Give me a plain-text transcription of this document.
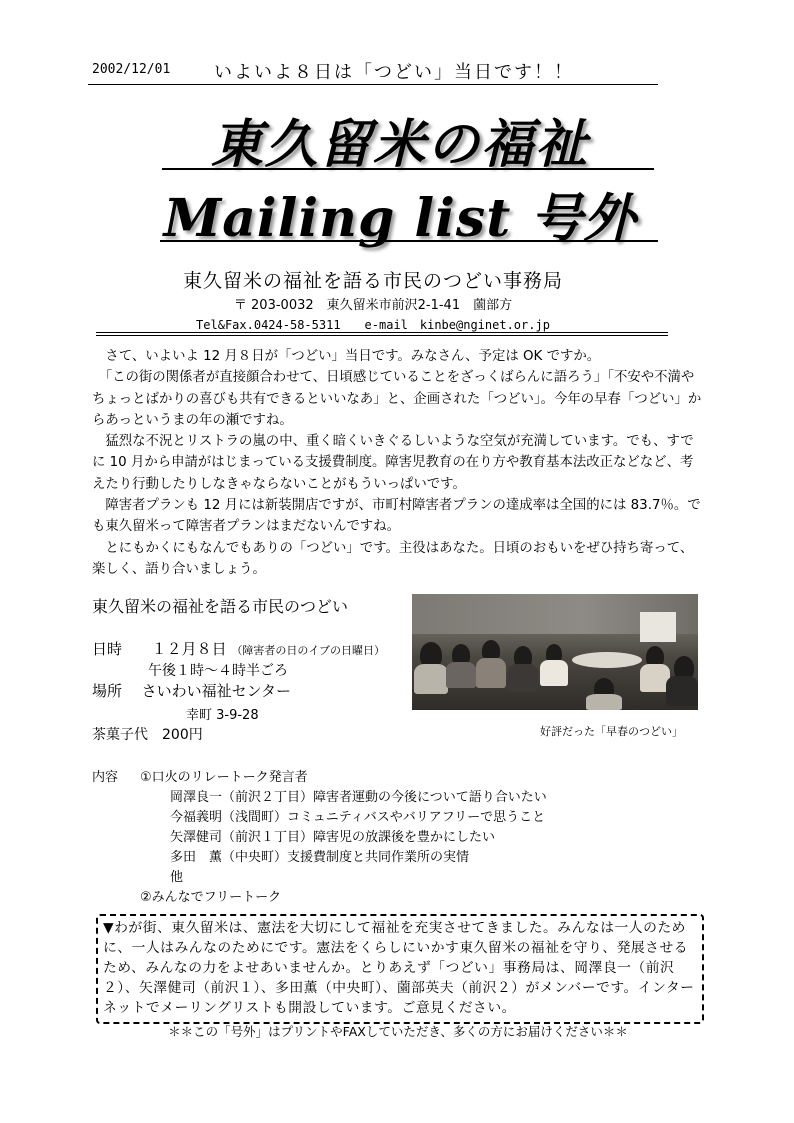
2002/12/01 いよいよ８日は「つどい」当日です！！
東久留米の福祉
Mailing list 号外
東久留米の福祉を語る市民のつどい事務局
〒 203-0032　東久留米市前沢2-1-41　薗部方
Tel&Fax.0424-58-5311　　e-mail　kinbe@nginet.or.jp

　さて、いよいよ 12 月８日が「つどい」当日です。みなさん、予定は OK ですか。

　「この街の関係者が直接顔合わせて、日頃感じていることをざっくばらんに語ろう」「不安や不満やちょっとばかりの喜びも共有できるといいなあ」と、企画された「つどい」。今年の早春「つどい」からあっというまの年の瀬ですね。

　猛烈な不況とリストラの嵐の中、重く暗くいきぐるしいような空気が充満しています。でも、すでに 10 月から申請がはじまっている支援費制度。障害児教育の在り方や教育基本法改正などなど、考えたり行動したりしなきゃならないことがもういっぱいです。

　障害者プランも 12 月には新装開店ですが、市町村障害者プランの達成率は全国的には 83.7％。でも東久留米って障害者プランはまだないんですね。

　とにもかくにもなんでもありの「つどい」です。主役はあなた。日頃のおもいをぜひ持ち寄って、楽しく、語り合いましょう。

東久留米の福祉を語る市民のつどい
好評だった「早春のつどい」
日時 １２月８日 （障害者の日のイブの日曜日）
午後１時〜４時半ごろ
場所 さいわい福祉センター
幸町 3-9-28
茶菓子代　200円
内容 ①口火のリレートーク発言者
岡澤良一（前沢２丁目）障害者運動の今後について語り合いたい
今福義明（浅間町）コミュニティバスやバリアフリーで思うこと
矢澤健司（前沢１丁目）障害児の放課後を豊かにしたい
多田　薫（中央町）支援費制度と共同作業所の実情
他
②みんなでフリートーク
▼わが街、東久留米は、憲法を大切にして福祉を充実させてきました。みんなは一人のために、一人はみんなのためにです。憲法をくらしにいかす東久留米の福祉を守り、発展させるため、みんなの力をよせあいませんか。とりあえず「つどい」事務局は、岡澤良一（前沢２）、矢澤健司（前沢１）、多田薫（中央町）、薗部英夫（前沢２）がメンバーです。インターネットでメーリングリストも開設しています。ご意見ください。
＊＊この「号外」はプリントやFAXしていただき、多くの方にお届けください＊＊
